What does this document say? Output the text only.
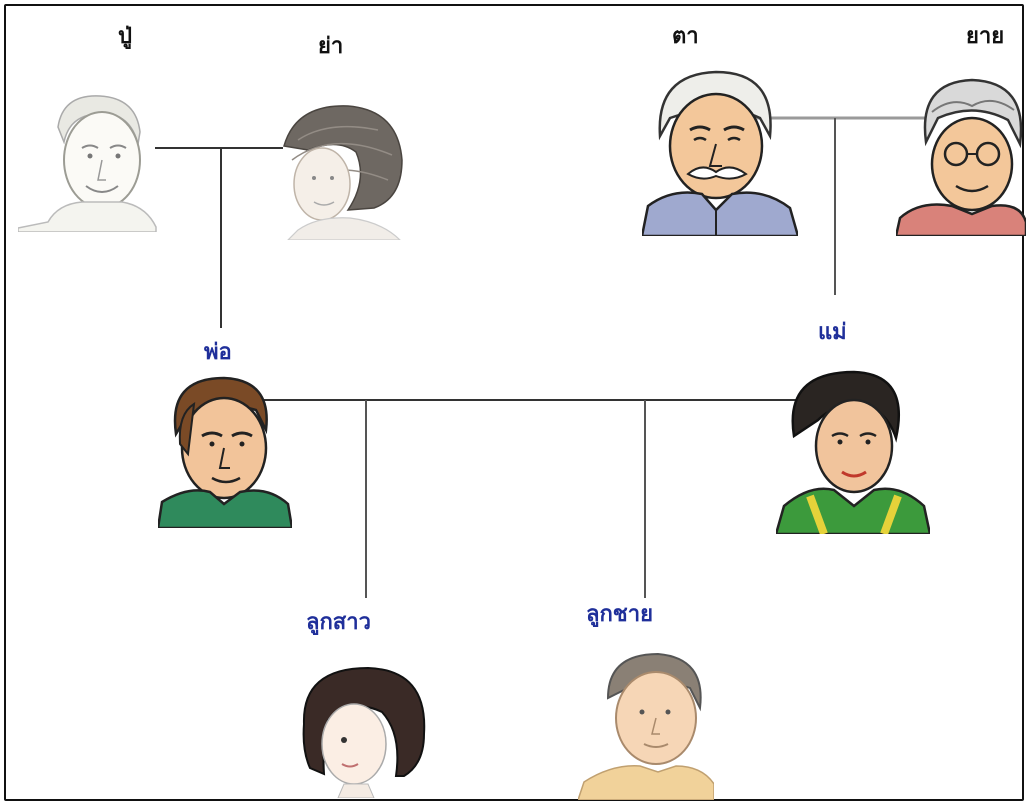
ปู่	ย่า	ตา	ยาย
พ่อ
แม่
ลูกสาว	ลูกชาย
